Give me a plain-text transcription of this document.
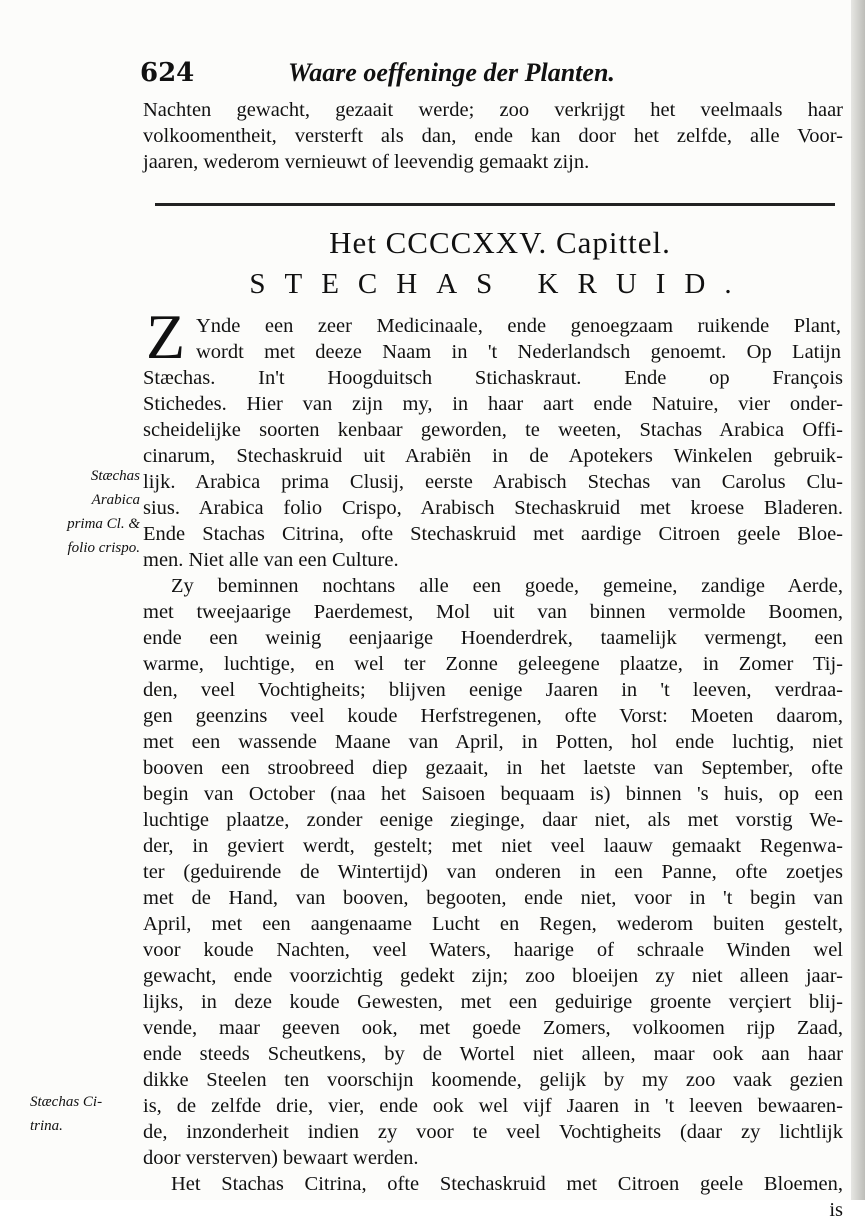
624	Waare oeffeninge der Planten.
Nachten gewacht, gezaait werde; zoo verkrijgt het veelmaals haar
volkoomentheit, versterft als dan, ende kan door het zelfde, alle Voor-
jaaren, wederom vernieuwt of leevendig gemaakt zijn.
Het CCCCXXV. Capittel.
STECHAS KRUID.
Z Ynde een zeer Medicinaale, ende genoegzaam ruikende Plant,
wordt met deeze Naam in 't Nederlandsch genoemt. Op Latijn
Stæchas. In't Hoogduitsch Stichaskraut. Ende op François
Stichedes. Hier van zijn my, in haar aart ende Natuire, vier onder-
scheidelijke soorten kenbaar geworden, te weeten, Stachas Arabica Offi-
cinarum, Stechaskruid uit Arabiën in de Apotekers Winkelen gebruik-
lijk. Arabica prima Clusij, eerste Arabisch Stechas van Carolus Clu-
sius. Arabica folio Crispo, Arabisch Stechaskruid met kroese Bladeren.
Ende Stachas Citrina, ofte Stechaskruid met aardige Citroen geele Bloe-
men. Niet alle van een Culture.
Zy beminnen nochtans alle een goede, gemeine, zandige Aerde,
met tweejaarige Paerdemest, Mol uit van binnen vermolde Boomen,
ende een weinig eenjaarige Hoenderdrek, taamelijk vermengt, een
warme, luchtige, en wel ter Zonne geleegene plaatze, in Zomer Tij-
den, veel Vochtigheits; blijven eenige Jaaren in 't leeven, verdraa-
gen geenzins veel koude Herfstregenen, ofte Vorst: Moeten daarom,
met een wassende Maane van April, in Potten, hol ende luchtig, niet
booven een stroobreed diep gezaait, in het laetste van September, ofte
begin van October (naa het Saisoen bequaam is) binnen 's huis, op een
luchtige plaatze, zonder eenige zieginge, daar niet, als met vorstig We-
der, in geviert werdt, gestelt; met niet veel laauw gemaakt Regenwa-
ter (geduirende de Wintertijd) van onderen in een Panne, ofte zoetjes
met de Hand, van booven, begooten, ende niet, voor in 't begin van
April, met een aangenaame Lucht en Regen, wederom buiten gestelt,
voor koude Nachten, veel Waters, haarige of schraale Winden wel
gewacht, ende voorzichtig gedekt zijn; zoo bloeijen zy niet alleen jaar-
lijks, in deze koude Gewesten, met een geduirige groente verçiert blij-
vende, maar geeven ook, met goede Zomers, volkoomen rijp Zaad,
ende steeds Scheutkens, by de Wortel niet alleen, maar ook aan haar
dikke Steelen ten voorschijn koomende, gelijk by my zoo vaak gezien
is, de zelfde drie, vier, ende ook wel vijf Jaaren in 't leeven bewaaren-
de, inzonderheit indien zy voor te veel Vochtigheits (daar zy lichtlijk
door versterven) bewaart werden.
Het Stachas Citrina, ofte Stechaskruid met Citroen geele Bloemen,
is
Stæchas
Arabica
prima Cl. &
folio crispo.
Stæchas Ci-
trina.
